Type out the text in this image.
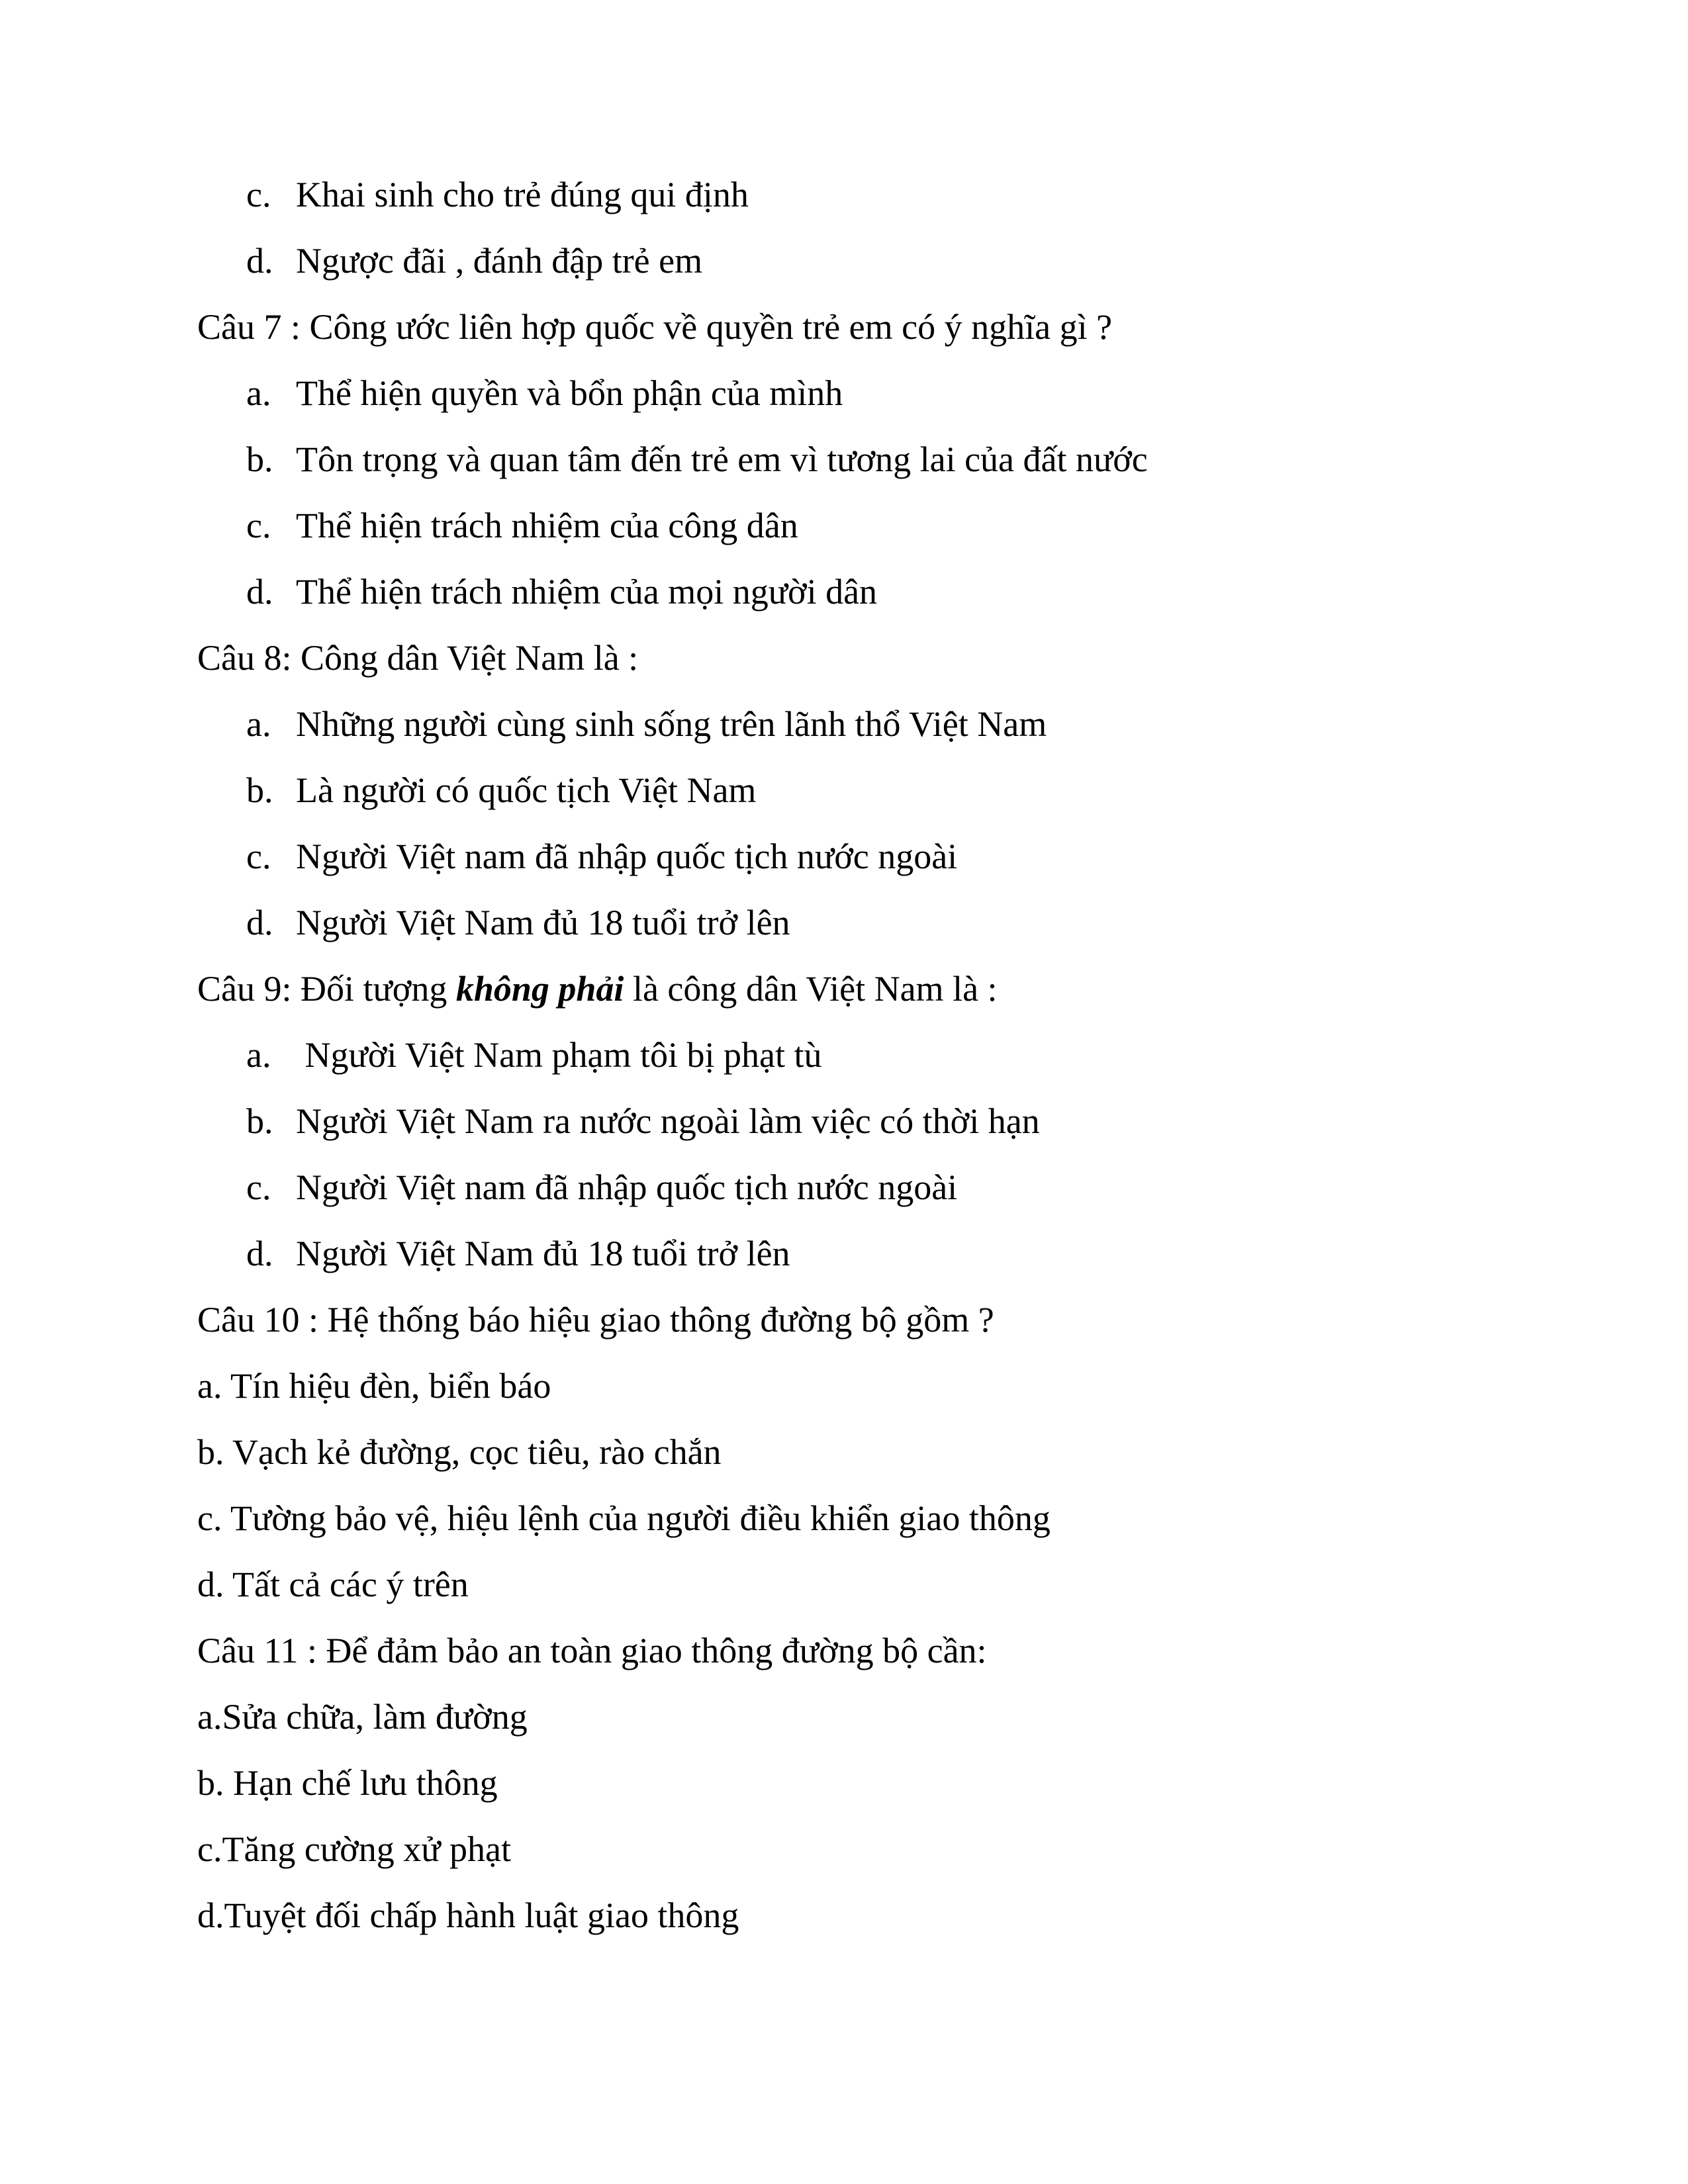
c. Khai sinh cho trẻ đúng qui định

d. Ngược đãi , đánh đập trẻ em

Câu 7 : Công ước liên hợp quốc về quyền trẻ em có ý nghĩa gì ?

a. Thể hiện quyền và bổn phận của mình

b. Tôn trọng và quan tâm đến trẻ em vì tương lai của đất nước

c. Thể hiện trách nhiệm của công dân

d. Thể hiện trách nhiệm của mọi người dân

Câu 8: Công dân Việt Nam là :

a. Những người cùng sinh sống trên lãnh thổ Việt Nam

b. Là người có quốc tịch Việt Nam

c. Người Việt nam đã nhập quốc tịch nước ngoài

d. Người Việt Nam đủ 18 tuổi trở lên

Câu 9: Đối tượng không phải là công dân Việt Nam là :

a. Người Việt Nam phạm tôi bị phạt tù

b. Người Việt Nam ra nước ngoài làm việc có thời hạn

c. Người Việt nam đã nhập quốc tịch nước ngoài

d. Người Việt Nam đủ 18 tuổi trở lên

Câu 10 : Hệ thống báo hiệu giao thông đường bộ gồm ?

a. Tín hiệu đèn, biển báo

b. Vạch kẻ đường, cọc tiêu, rào chắn

c. Tường bảo vệ, hiệu lệnh của người điều khiển giao thông

d. Tất cả các ý trên

Câu 11 : Để đảm bảo an toàn giao thông đường bộ cần:

a.Sửa chữa, làm đường

b. Hạn chế lưu thông

c.Tăng cường xử phạt

d.Tuyệt đối chấp hành luật giao thông
